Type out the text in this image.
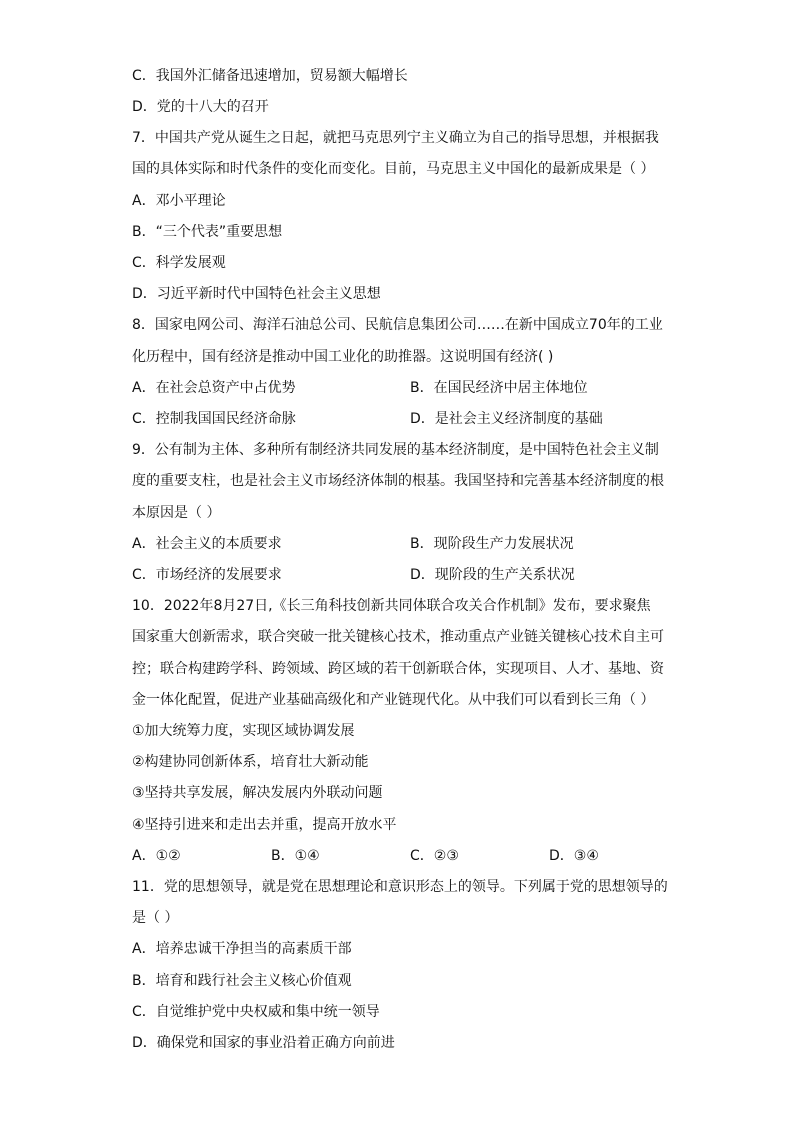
C．我国外汇储备迅速增加，贸易额大幅增长
D．党的十八大的召开
7．中国共产党从诞生之日起，就把马克思列宁主义确立为自己的指导思想，并根据我
国的具体实际和时代条件的变化而变化。目前，马克思主义中国化的最新成果是（ ）
A．邓小平理论
B．“三个代表”重要思想
C．科学发展观
D．习近平新时代中国特色社会主义思想
8．国家电网公司、海洋石油总公司、民航信息集团公司……在新中国成立70年的工业
化历程中，国有经济是推动中国工业化的助推器。这说明国有经济( )
A．在社会总资产中占优势	B．在国民经济中居主体地位
C．控制我国国民经济命脉	D．是社会主义经济制度的基础
9．公有制为主体、多种所有制经济共同发展的基本经济制度，是中国特色社会主义制
度的重要支柱，也是社会主义市场经济体制的根基。我国坚持和完善基本经济制度的根
本原因是（ ）
A．社会主义的本质要求	B．现阶段生产力发展状况
C．市场经济的发展要求	D．现阶段的生产关系状况
10．2022年8月27日,《长三角科技创新共同体联合攻关合作机制》发布，要求聚焦
国家重大创新需求，联合突破一批关键核心技术，推动重点产业链关键核心技术自主可
控；联合构建跨学科、跨领域、跨区域的若干创新联合体，实现项目、人才、基地、资
金一体化配置，促进产业基础高级化和产业链现代化。从中我们可以看到长三角（ ）
①加大统筹力度，实现区域协调发展
②构建协同创新体系，培育壮大新动能
③坚持共享发展，解决发展内外联动问题
④坚持引进来和走出去并重，提高开放水平
A．①②	B．①④	C．②③	D．③④
11．党的思想领导，就是党在思想理论和意识形态上的领导。下列属于党的思想领导的
是（ ）
A．培养忠诚干净担当的高素质干部
B．培育和践行社会主义核心价值观
C．自觉维护党中央权威和集中统一领导
D．确保党和国家的事业沿着正确方向前进
